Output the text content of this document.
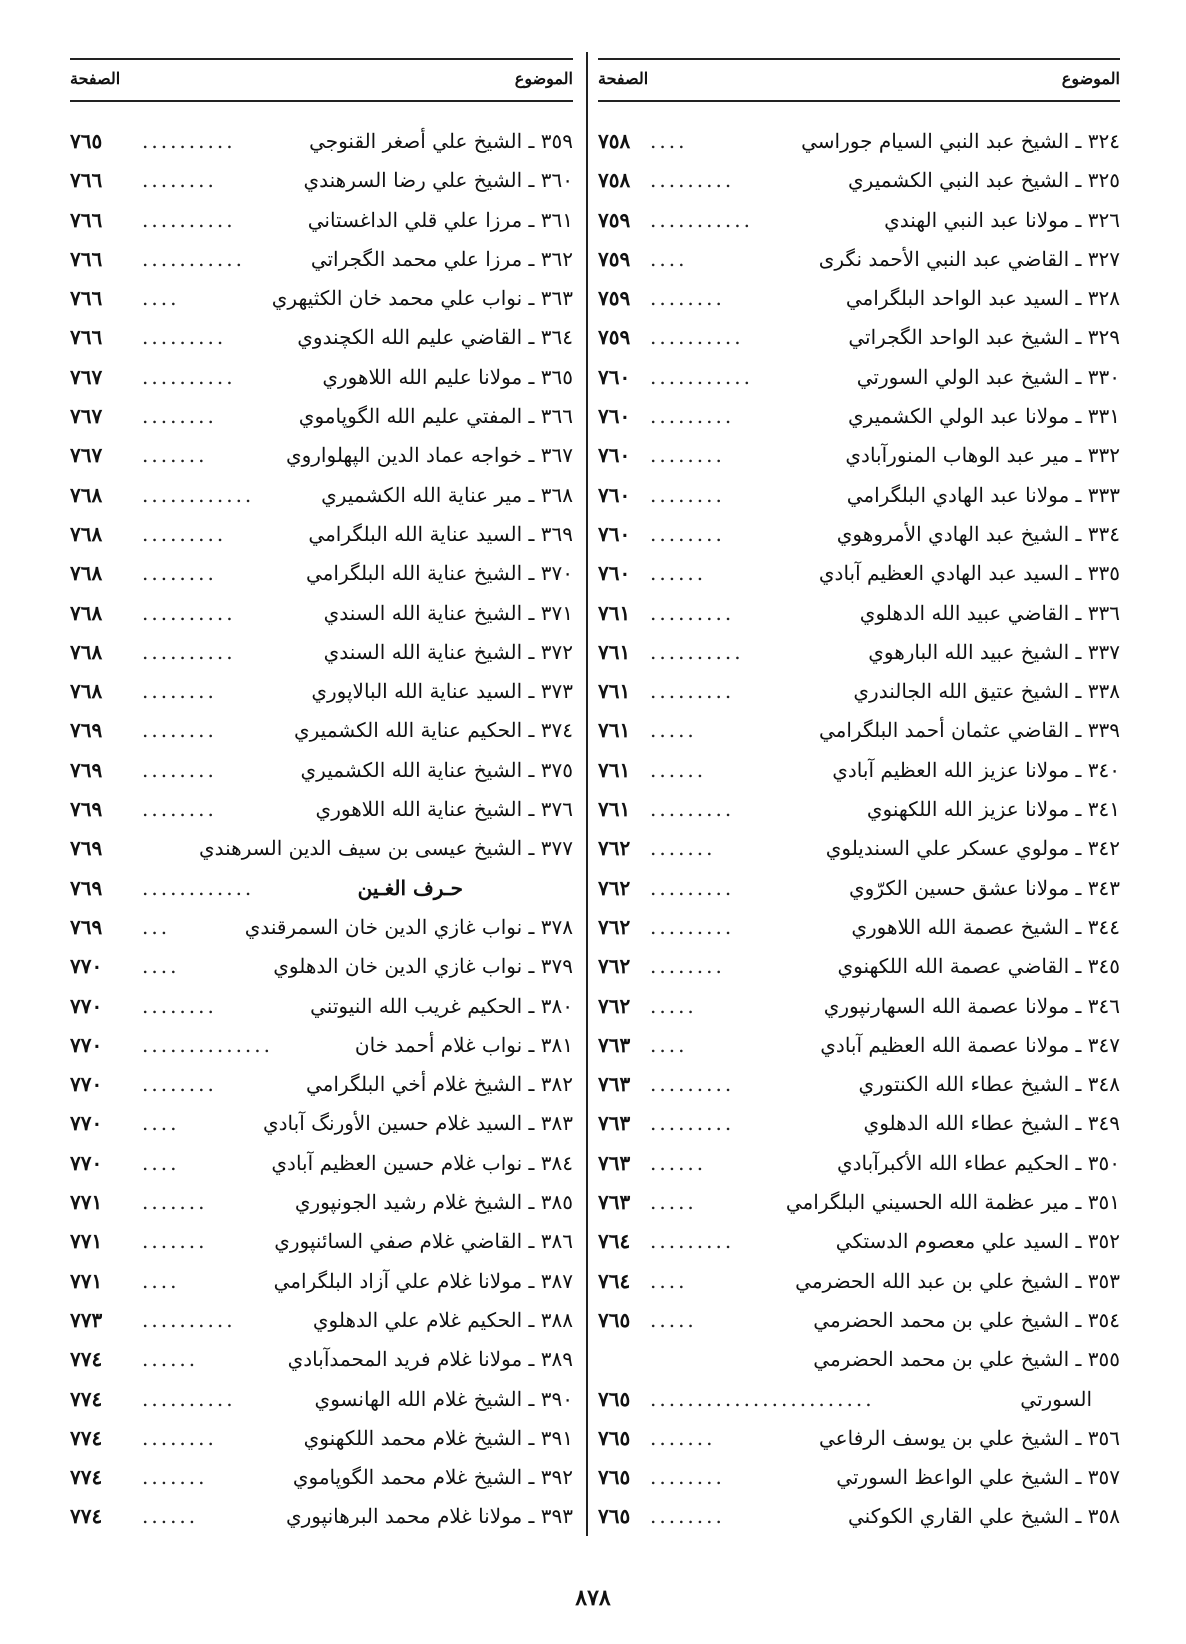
الموضوع
الصفحة
٣٢٤ ـ الشيخ عبد النبي السيام جوراسي
....
٧٥٨
٣٢٥ ـ الشيخ عبد النبي الكشميري
.........
٧٥٨
٣٢٦ ـ مولانا عبد النبي الهندي
...........
٧٥٩
٣٢٧ ـ القاضي عبد النبي الأحمد نگرى
....
٧٥٩
٣٢٨ ـ السيد عبد الواحد البلگرامي
........
٧٥٩
٣٢٩ ـ الشيخ عبد الواحد الگجراتي
..........
٧٥٩
٣٣٠ ـ الشيخ عبد الولي السورتي
...........
٧٦٠
٣٣١ ـ مولانا عبد الولي الكشميري
.........
٧٦٠
٣٣٢ ـ مير عبد الوهاب المنورآبادي
........
٧٦٠
٣٣٣ ـ مولانا عبد الهادي البلگرامي
........
٧٦٠
٣٣٤ ـ الشيخ عبد الهادي الأمروهوي
........
٧٦٠
٣٣٥ ـ السيد عبد الهادي العظيم آبادي
......
٧٦٠
٣٣٦ ـ القاضي عبيد الله الدهلوي
.........
٧٦١
٣٣٧ ـ الشيخ عبيد الله البارهوي
..........
٧٦١
٣٣٨ ـ الشيخ عتيق الله الجالندري
.........
٧٦١
٣٣٩ ـ القاضي عثمان أحمد البلگرامي
.....
٧٦١
٣٤٠ ـ مولانا عزيز الله العظيم آبادي
......
٧٦١
٣٤١ ـ مولانا عزيز الله اللكهنوي
.........
٧٦١
٣٤٢ ـ مولوي عسكر علي السنديلوي
.......
٧٦٢
٣٤٣ ـ مولانا عشق حسين الكرّوي
.........
٧٦٢
٣٤٤ ـ الشيخ عصمة الله اللاهوري
.........
٧٦٢
٣٤٥ ـ القاضي عصمة الله اللكهنوي
........
٧٦٢
٣٤٦ ـ مولانا عصمة الله السهارنپوري
.....
٧٦٢
٣٤٧ ـ مولانا عصمة الله العظيم آبادي
....
٧٦٣
٣٤٨ ـ الشيخ عطاء الله الكنتوري
.........
٧٦٣
٣٤٩ ـ الشيخ عطاء الله الدهلوي
.........
٧٦٣
٣٥٠ ـ الحكيم عطاء الله الأكبرآبادي
......
٧٦٣
٣٥١ ـ مير عظمة الله الحسيني البلگرامي
.....
٧٦٣
٣٥٢ ـ السيد علي معصوم الدستكي
.........
٧٦٤
٣٥٣ ـ الشيخ علي بن عبد الله الحضرمي
....
٧٦٤
٣٥٤ ـ الشيخ علي بن محمد الحضرمي
.....
٧٦٥
٣٥٥ ـ الشيخ علي بن محمد الحضرمي
السورتي
........................
٧٦٥
٣٥٦ ـ الشيخ علي بن يوسف الرفاعي
.......
٧٦٥
٣٥٧ ـ الشيخ علي الواعظ السورتي
........
٧٦٥
٣٥٨ ـ الشيخ علي القاري الكوكني
........
٧٦٥
الموضوع
الصفحة
٣٥٩ ـ الشيخ علي أصغر القنوجي
..........
٧٦٥
٣٦٠ ـ الشيخ علي رضا السرهندي
........
٧٦٦
٣٦١ ـ مرزا علي قلي الداغستاني
..........
٧٦٦
٣٦٢ ـ مرزا علي محمد الگجراتي
...........
٧٦٦
٣٦٣ ـ نواب علي محمد خان الكثيهري
....
٧٦٦
٣٦٤ ـ القاضي عليم الله الكچندوي
.........
٧٦٦
٣٦٥ ـ مولانا عليم الله اللاهوري
..........
٧٦٧
٣٦٦ ـ المفتي عليم الله الگوپاموي
........
٧٦٧
٣٦٧ ـ خواجه عماد الدين الپهلواروي
.......
٧٦٧
٣٦٨ ـ مير عناية الله الكشميري
............
٧٦٨
٣٦٩ ـ السيد عناية الله البلگرامي
.........
٧٦٨
٣٧٠ ـ الشيخ عناية الله البلگرامي
........
٧٦٨
٣٧١ ـ الشيخ عناية الله السندي
..........
٧٦٨
٣٧٢ ـ الشيخ عناية الله السندي
..........
٧٦٨
٣٧٣ ـ السيد عناية الله البالاپوري
........
٧٦٨
٣٧٤ ـ الحكيم عناية الله الكشميري
........
٧٦٩
٣٧٥ ـ الشيخ عناية الله الكشميري
........
٧٦٩
٣٧٦ ـ الشيخ عناية الله اللاهوري
........
٧٦٩
٣٧٧ ـ الشيخ عيسى بن سيف الدين السرهندي
٧٦٩
حـرف الغـين
............
٧٦٩
٣٧٨ ـ نواب غازي الدين خان السمرقندي
...
٧٦٩
٣٧٩ ـ نواب غازي الدين خان الدهلوي
....
٧٧٠
٣٨٠ ـ الحكيم غريب الله النيوتني
........
٧٧٠
٣٨١ ـ نواب غلام أحمد خان
..............
٧٧٠
٣٨٢ ـ الشيخ غلام أخي البلگرامي
........
٧٧٠
٣٨٣ ـ السيد غلام حسين الأورنگ آبادي
....
٧٧٠
٣٨٤ ـ نواب غلام حسين العظيم آبادي
....
٧٧٠
٣٨٥ ـ الشيخ غلام رشيد الجونپوري
.......
٧٧١
٣٨٦ ـ القاضي غلام صفي السائنپوري
.......
٧٧١
٣٨٧ ـ مولانا غلام علي آزاد البلگرامي
....
٧٧١
٣٨٨ ـ الحكيم غلام علي الدهلوي
..........
٧٧٣
٣٨٩ ـ مولانا غلام فريد المحمدآبادي
......
٧٧٤
٣٩٠ ـ الشيخ غلام الله الهانسوي
..........
٧٧٤
٣٩١ ـ الشيخ غلام محمد اللكهنوي
........
٧٧٤
٣٩٢ ـ الشيخ غلام محمد الگوپاموي
.......
٧٧٤
٣٩٣ ـ مولانا غلام محمد البرهانپوري
......
٧٧٤
٨٧٨
